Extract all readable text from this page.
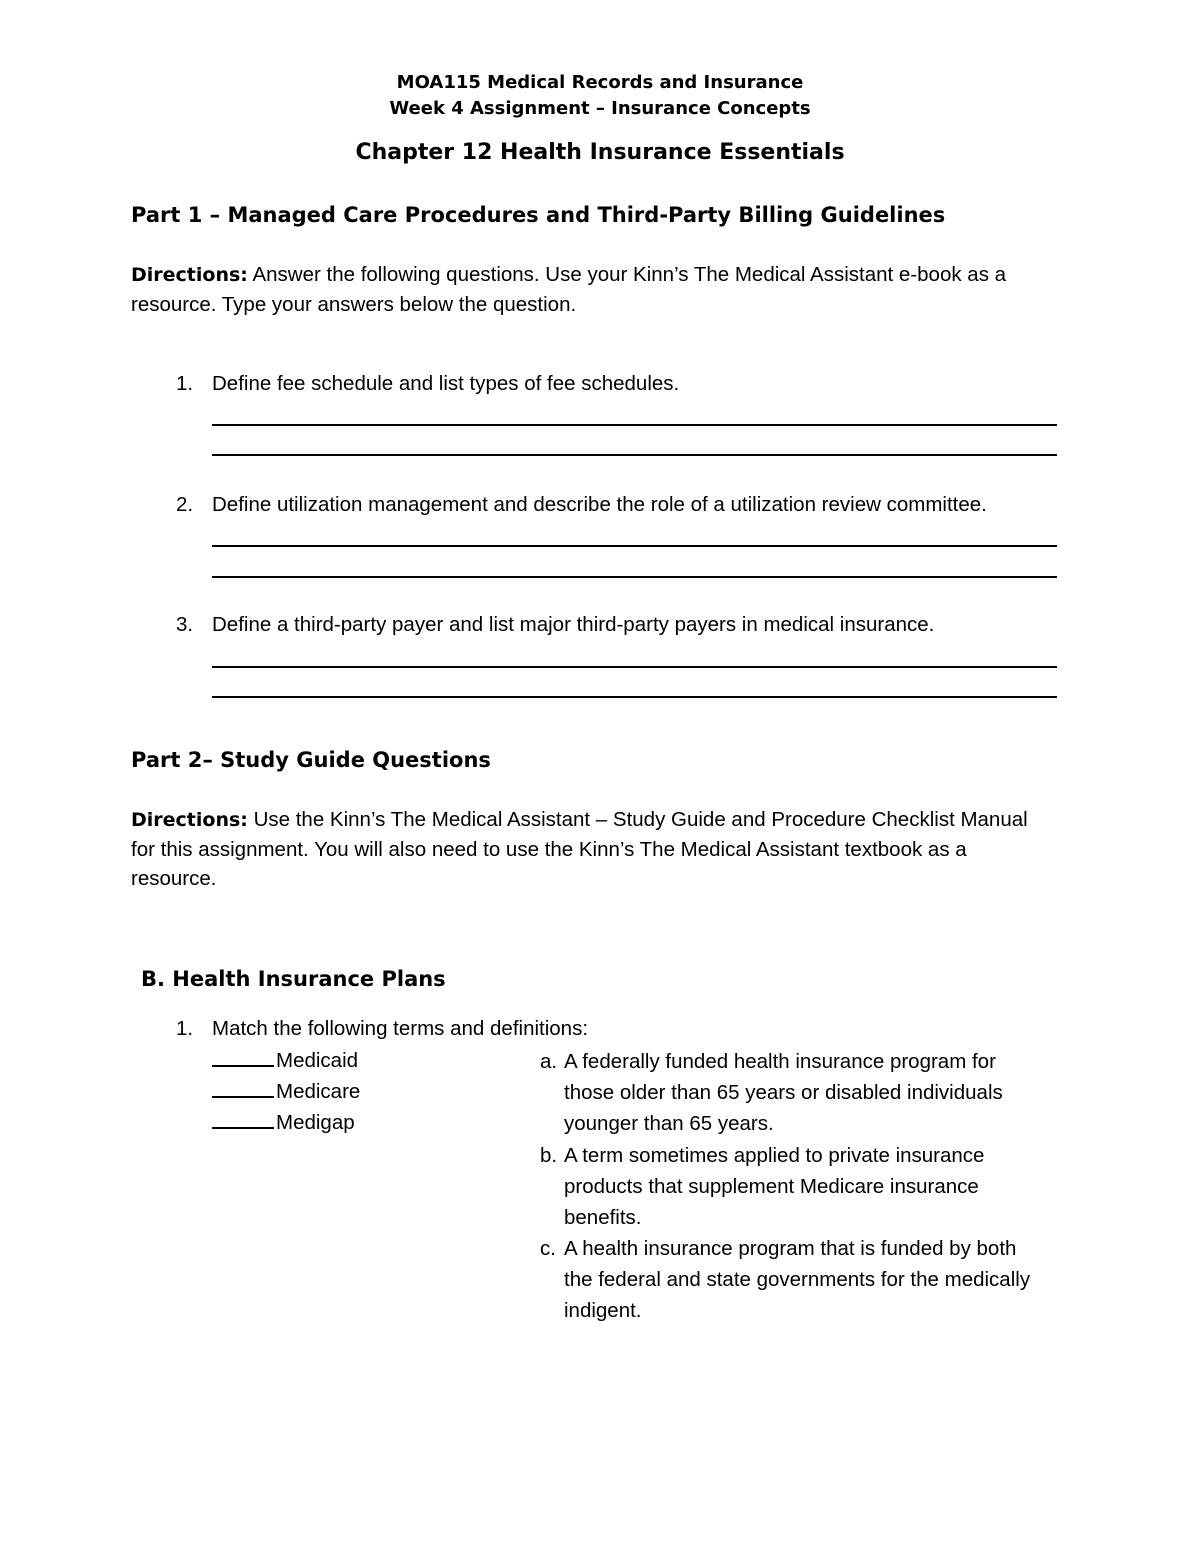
MOA115 Medical Records and Insurance
Week 4 Assignment – Insurance Concepts
Chapter 12 Health Insurance Essentials
Part 1 – Managed Care Procedures and Third-Party Billing Guidelines
Directions: Answer the following questions. Use your Kinn’s The Medical Assistant e-book as a
resource. Type your answers below the question.
1. Define fee schedule and list types of fee schedules.
2. Define utilization management and describe the role of a utilization review committee.
3. Define a third-party payer and list major third-party payers in medical insurance.
Part 2– Study Guide Questions
Directions: Use the Kinn’s The Medical Assistant – Study Guide and Procedure Checklist Manual
for this assignment. You will also need to use the Kinn’s The Medical Assistant textbook as a
resource.
B. Health Insurance Plans
1. Match the following terms and definitions:
Medicaid
Medicare
Medigap
a. A federally funded health insurance program for those older than 65 years or disabled individuals younger than 65 years.
b. A term sometimes applied to private insurance products that supplement Medicare insurance benefits.
c. A health insurance program that is funded by both the federal and state governments for the medically indigent.
